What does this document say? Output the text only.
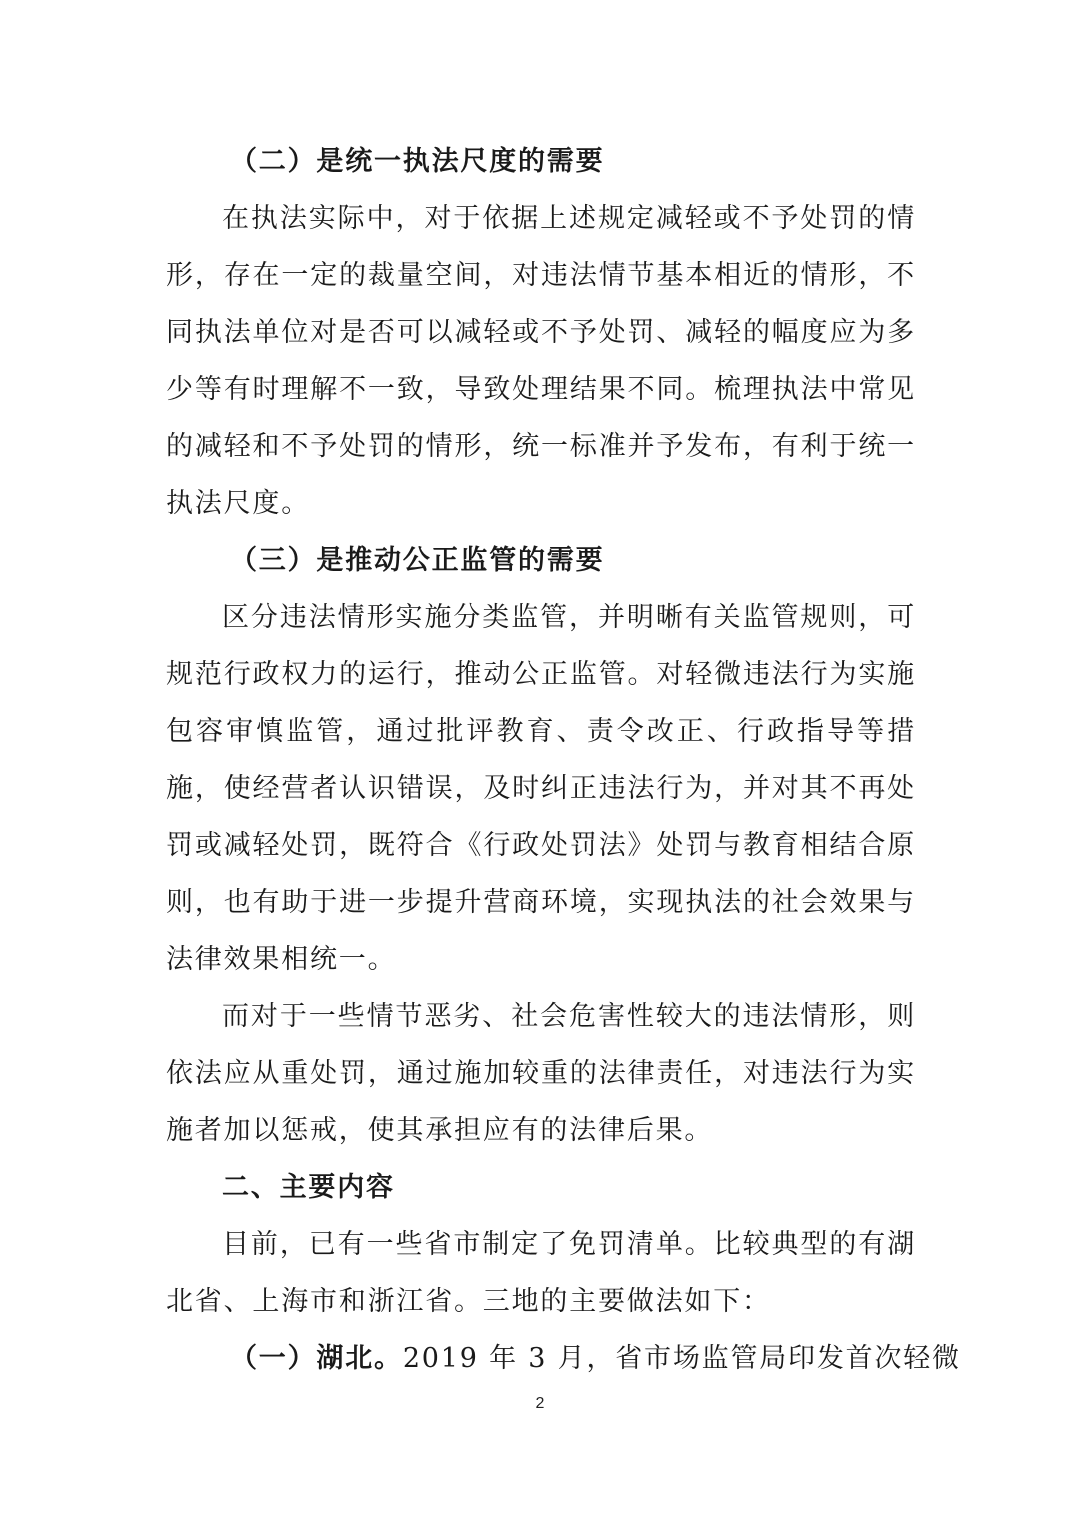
（二）是统一执法尺度的需要

在执法实际中，对于依据上述规定减轻或不予处罚的情形，存在一定的裁量空间，对违法情节基本相近的情形，不同执法单位对是否可以减轻或不予处罚、减轻的幅度应为多少等有时理解不一致，导致处理结果不同。梳理执法中常见的减轻和不予处罚的情形，统一标准并予发布，有利于统一执法尺度。

（三）是推动公正监管的需要

区分违法情形实施分类监管，并明晰有关监管规则，可规范行政权力的运行，推动公正监管。对轻微违法行为实施包容审慎监管，通过批评教育、责令改正、行政指导等措施，使经营者认识错误，及时纠正违法行为，并对其不再处罚或减轻处罚，既符合《行政处罚法》处罚与教育相结合原则，也有助于进一步提升营商环境，实现执法的社会效果与法律效果相统一。

而对于一些情节恶劣、社会危害性较大的违法情形，则依法应从重处罚，通过施加较重的法律责任，对违法行为实施者加以惩戒，使其承担应有的法律后果。

二、主要内容

目前，已有一些省市制定了免罚清单。比较典型的有湖北省、上海市和浙江省。三地的主要做法如下：

（一）湖北。2019 年 3 月，省市场监管局印发首次轻微

2
